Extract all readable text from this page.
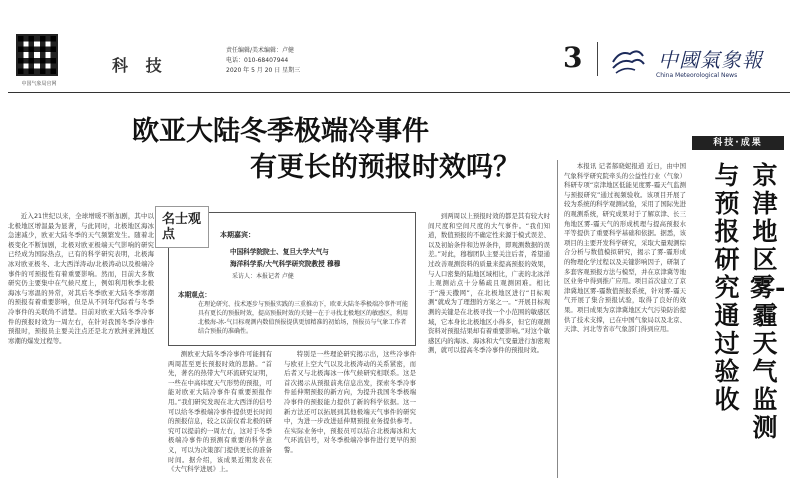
中国气象局官网
科 技
责任编辑/美术编辑：卢健
电话：010-68407944
2020 年 5 月 20 日 星期三	3	中國氣象報
China Meteorological News
欧亚大陆冬季极端冷事件
有更长的预报时效吗？

近入21世纪以来，全球增暖不断加剧，其中以北极地区增温最为显著，与此同时，北极地区海冰急速减少，欧亚大陆冬季的天气频繁发生。随着北极变化不断加剧，北极对欧亚极端天气影响的研究已经成为国际热点，已有的科学研究表明，北极海冰对欧亚极冬、北大西洋涛动/北极涛动以及极端冷事件的可预报性有着重要影响。然而，目前大多数研究仍主要集中在气候尺度上，例如利用秋季北极海冰与寒温的异常，对其后冬季欧亚大陆冬季寒潮的预报有着重要影响，但是从不同年代际看与冬季冷事件的关联尚不清楚。目前对欧亚大陆冬季冷事件的预报时效为一周左右，在针对我国冬季冷事件预报时，预报员主要关注点还是北方欧洲亚洲地区寒潮的爆发过程等。

测欧亚大陆冬季冷事件可能拥有两周甚至更长预报时效的思路。“首先，著名的热带大气环流研究证明，一些在中高纬度天气形势的预报，可能对欧亚大陆冷事件有重要预报作用。”我们研究发现在北大西洋的信号可以给冬季极端冷事件提供更长时间的预报信息，较之以前仅看北极的研究可以提前约一周左右，这对于冬季极端冷事件的预测有重要的科学意义，可以为决策部门提供更长的准备时间。据介绍，该成果近期发表在《大气科学进展》上。

特别是一些理论研究揭示出，这些冷事件与欧亚上空大气以及北极涛动的关系紧密，而后者又与北极海冰一体气候研究相联系。这是首次揭示从预报前兆信息出发，探索冬季冷事件延伸期预报的新方向，为提升我国冬季极端冷事件的预报能力提供了新的科学依据。这一新方法还可以拓展到其他极端天气事件的研究中，为进一步改进延伸期预报业务提供参考。在实际业务中，预报员可以结合北极海冰和大气环流信号，对冬季极端冷事件进行更早的预警。

到两周以上预报时效的都是其有较大时间尺度和空间尺度的大气事件。“我们知道，数值预报的不确定性来源于模式误差、以及初始条件和边界条件，即观测数据的误差。”对此，穆穆团队主要关注后者，希望通过改善观测资料的质量来提高预报的效果，与人口密集的陆地区域相比，广袤的北冰洋上观测站点十分稀疏且观测困难。相比于“漫天撒网”，在北极地区进行“目标观测”就成为了理想的方案之一。“开展目标观测的关键是在北极寻找一个小范围的敏感区域，它本身比北极地区小得多，但它的观测资料对预报结果却有着重要影响。”对这个敏感区内的海冰、海冰和大气变量进行加密观测，就可以提高冬季冷事件的预报时效。

名士观点	本期嘉宾：
中国科学院院士、复旦大学大气与
海洋科学系/大气科学研究院教授 穆穆
采访人：本报记者 卢健
本期观点：
在理论研究、技术逐步与预报实践的三重推动下，欧亚大陆冬季极端冷事件可能具有更长的预报时效，提高预报时效的关键一在于寻找北极地区的敏感区，利用北极海-冰-气目标观测内数值预报提供更加精准的初始场，预报员与气象工作者结合预报的准确性。

本报讯 记者郝晓妮报道 近日，由中国气象科学研究院牵头的公益性行业（气象）科研专项“京津地区低能见度雾-霾天气监测与预报研究”通过视频验收。该项目开展了较为系统的科学观测试验，采用了国际先进的观测系统，研究成果对于了解京津、长三角地区雾-霾天气的形成机理与提高预报水平等提供了重要科学基础和依据。据悉，该项目的主要开发科学研究，采取大量观测综合分析与数值模拟研究，揭示了雾-霾形成的物理化学过程以及关键影响因子，研制了多套客观预报方法与模型，并在京津冀等地区业务中得到推广应用。项目首次建立了京津冀地区雾-霾数值预报系统，针对雾-霾天气开展了集合预报试验，取得了良好的效果。项目成果为京津冀地区大气污染防治提供了技术支撑，已在中国气象局以及北京、天津、河北等省市气象部门得到应用。

科技·成果
京津地区雾-霾天气监测
与预报研究通过验收
